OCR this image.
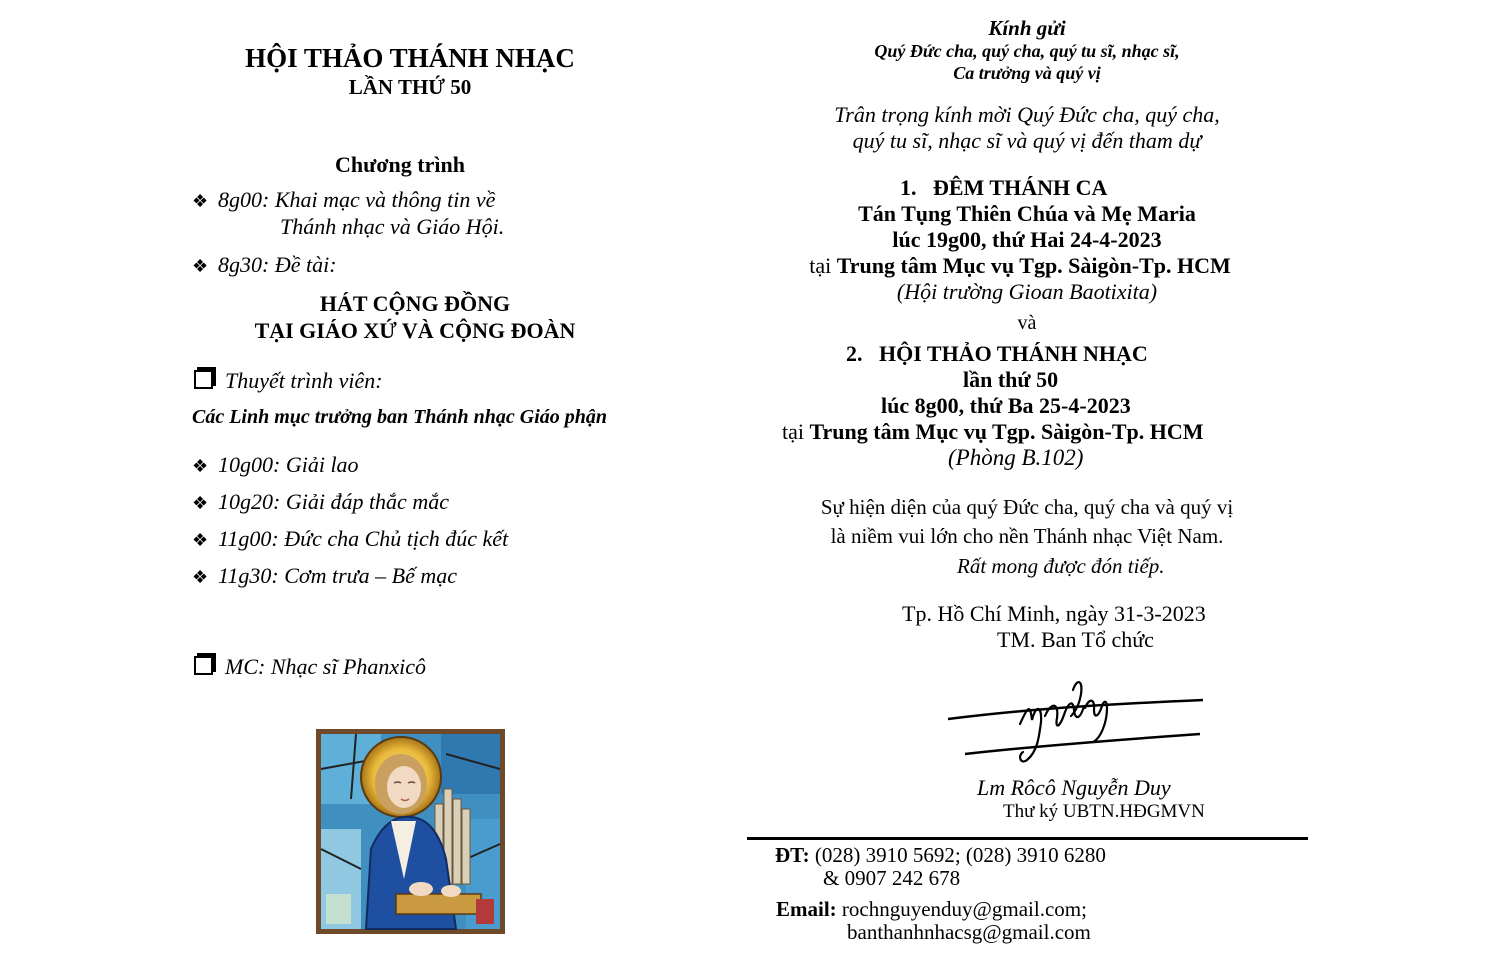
HỘI THẢO THÁNH NHẠC
LẦN THỨ 50
Chương trình
❖ 8g00: Khai mạc và thông tin về
Thánh nhạc và Giáo Hội.
❖ 8g30: Đề tài:
HÁT CỘNG ĐỒNG
TẠI GIÁO XỨ VÀ CỘNG ĐOÀN
Thuyết trình viên:
Các Linh mục trưởng ban Thánh nhạc Giáo phận
❖ 10g00: Giải lao
❖ 10g20: Giải đáp thắc mắc
❖ 11g00: Đức cha Chủ tịch đúc kết
❖ 11g30: Cơm trưa – Bế mạc
MC: Nhạc sĩ Phanxicô
Kính gửi
Quý Đức cha, quý cha, quý tu sĩ, nhạc sĩ,
Ca trưởng và quý vị
Trân trọng kính mời Quý Đức cha, quý cha,
quý tu sĩ, nhạc sĩ và quý vị đến tham dự
1.   ĐÊM THÁNH CA
Tán Tụng Thiên Chúa và Mẹ Maria
lúc 19g00, thứ Hai 24-4-2023
tại Trung tâm Mục vụ Tgp. Sàigòn-Tp. HCM
(Hội trường Gioan Baotixita)
và
2.   HỘI THẢO THÁNH NHẠC
lần thứ 50
lúc 8g00, thứ Ba 25-4-2023
tại Trung tâm Mục vụ Tgp. Sàigòn-Tp. HCM
(Phòng B.102)
Sự hiện diện của quý Đức cha, quý cha và quý vị
là niềm vui lớn cho nền Thánh nhạc Việt Nam.
Rất mong được đón tiếp.
Tp. Hồ Chí Minh, ngày 31-3-2023
TM. Ban Tổ chức
Lm Rôcô Nguyễn Duy
Thư ký UBTN.HĐGMVN
ĐT: (028) 3910 5692; (028) 3910 6280
& 0907 242 678
Email: rochnguyenduy@gmail.com;
banthanhnhacsg@gmail.com
